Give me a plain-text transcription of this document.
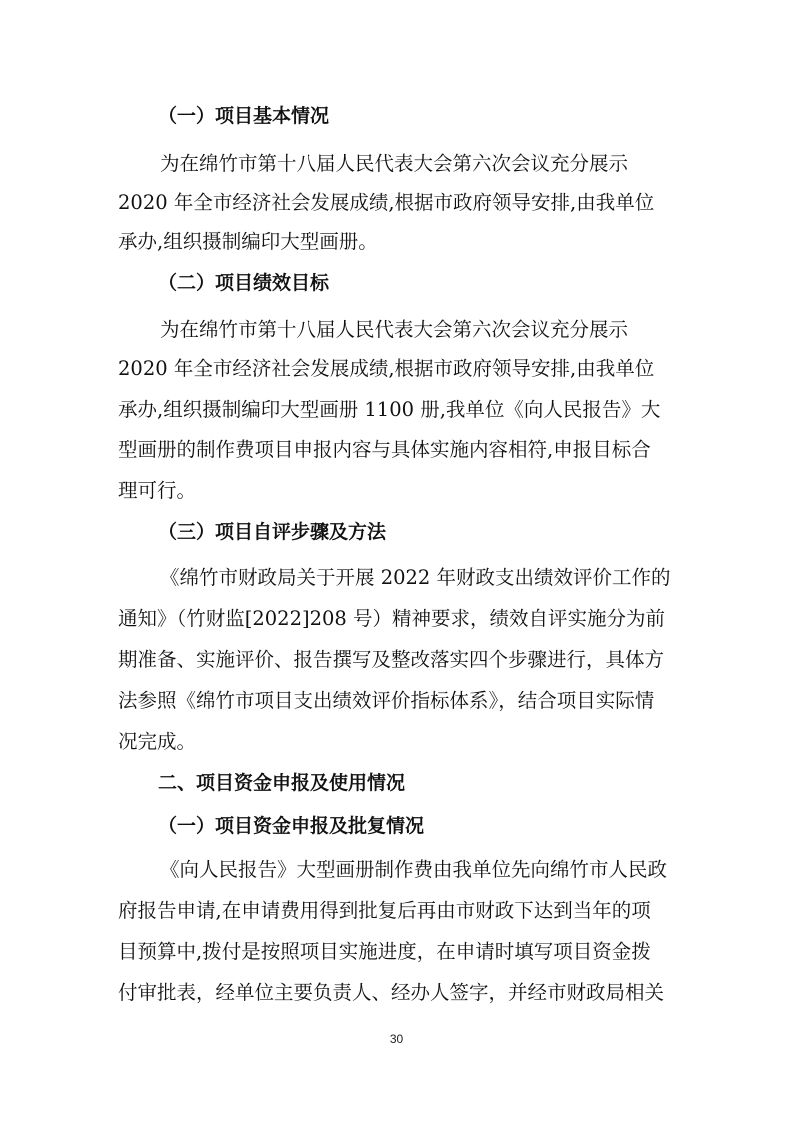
（一）项目基本情况
为在绵竹市第十八届人民代表大会第六次会议充分展示
2020 年全市经济社会发展成绩,根据市政府领导安排,由我单位
承办,组织摄制编印大型画册。
（二）项目绩效目标
为在绵竹市第十八届人民代表大会第六次会议充分展示
2020 年全市经济社会发展成绩,根据市政府领导安排,由我单位
承办,组织摄制编印大型画册 1100 册,我单位《向人民报告》大
型画册的制作费项目申报内容与具体实施内容相符,申报目标合
理可行。
（三）项目自评步骤及方法
《绵竹市财政局关于开展 2022 年财政支出绩效评价工作的
通知》（竹财监[2022]208 号）精神要求，绩效自评实施分为前
期准备、实施评价、报告撰写及整改落实四个步骤进行，具体方
法参照《绵竹市项目支出绩效评价指标体系》，结合项目实际情
况完成。
二、项目资金申报及使用情况
（一）项目资金申报及批复情况
《向人民报告》大型画册制作费由我单位先向绵竹市人民政
府报告申请,在申请费用得到批复后再由市财政下达到当年的项
目预算中,拨付是按照项目实施进度，在申请时填写项目资金拨
付审批表，经单位主要负责人、经办人签字，并经市财政局相关
30
